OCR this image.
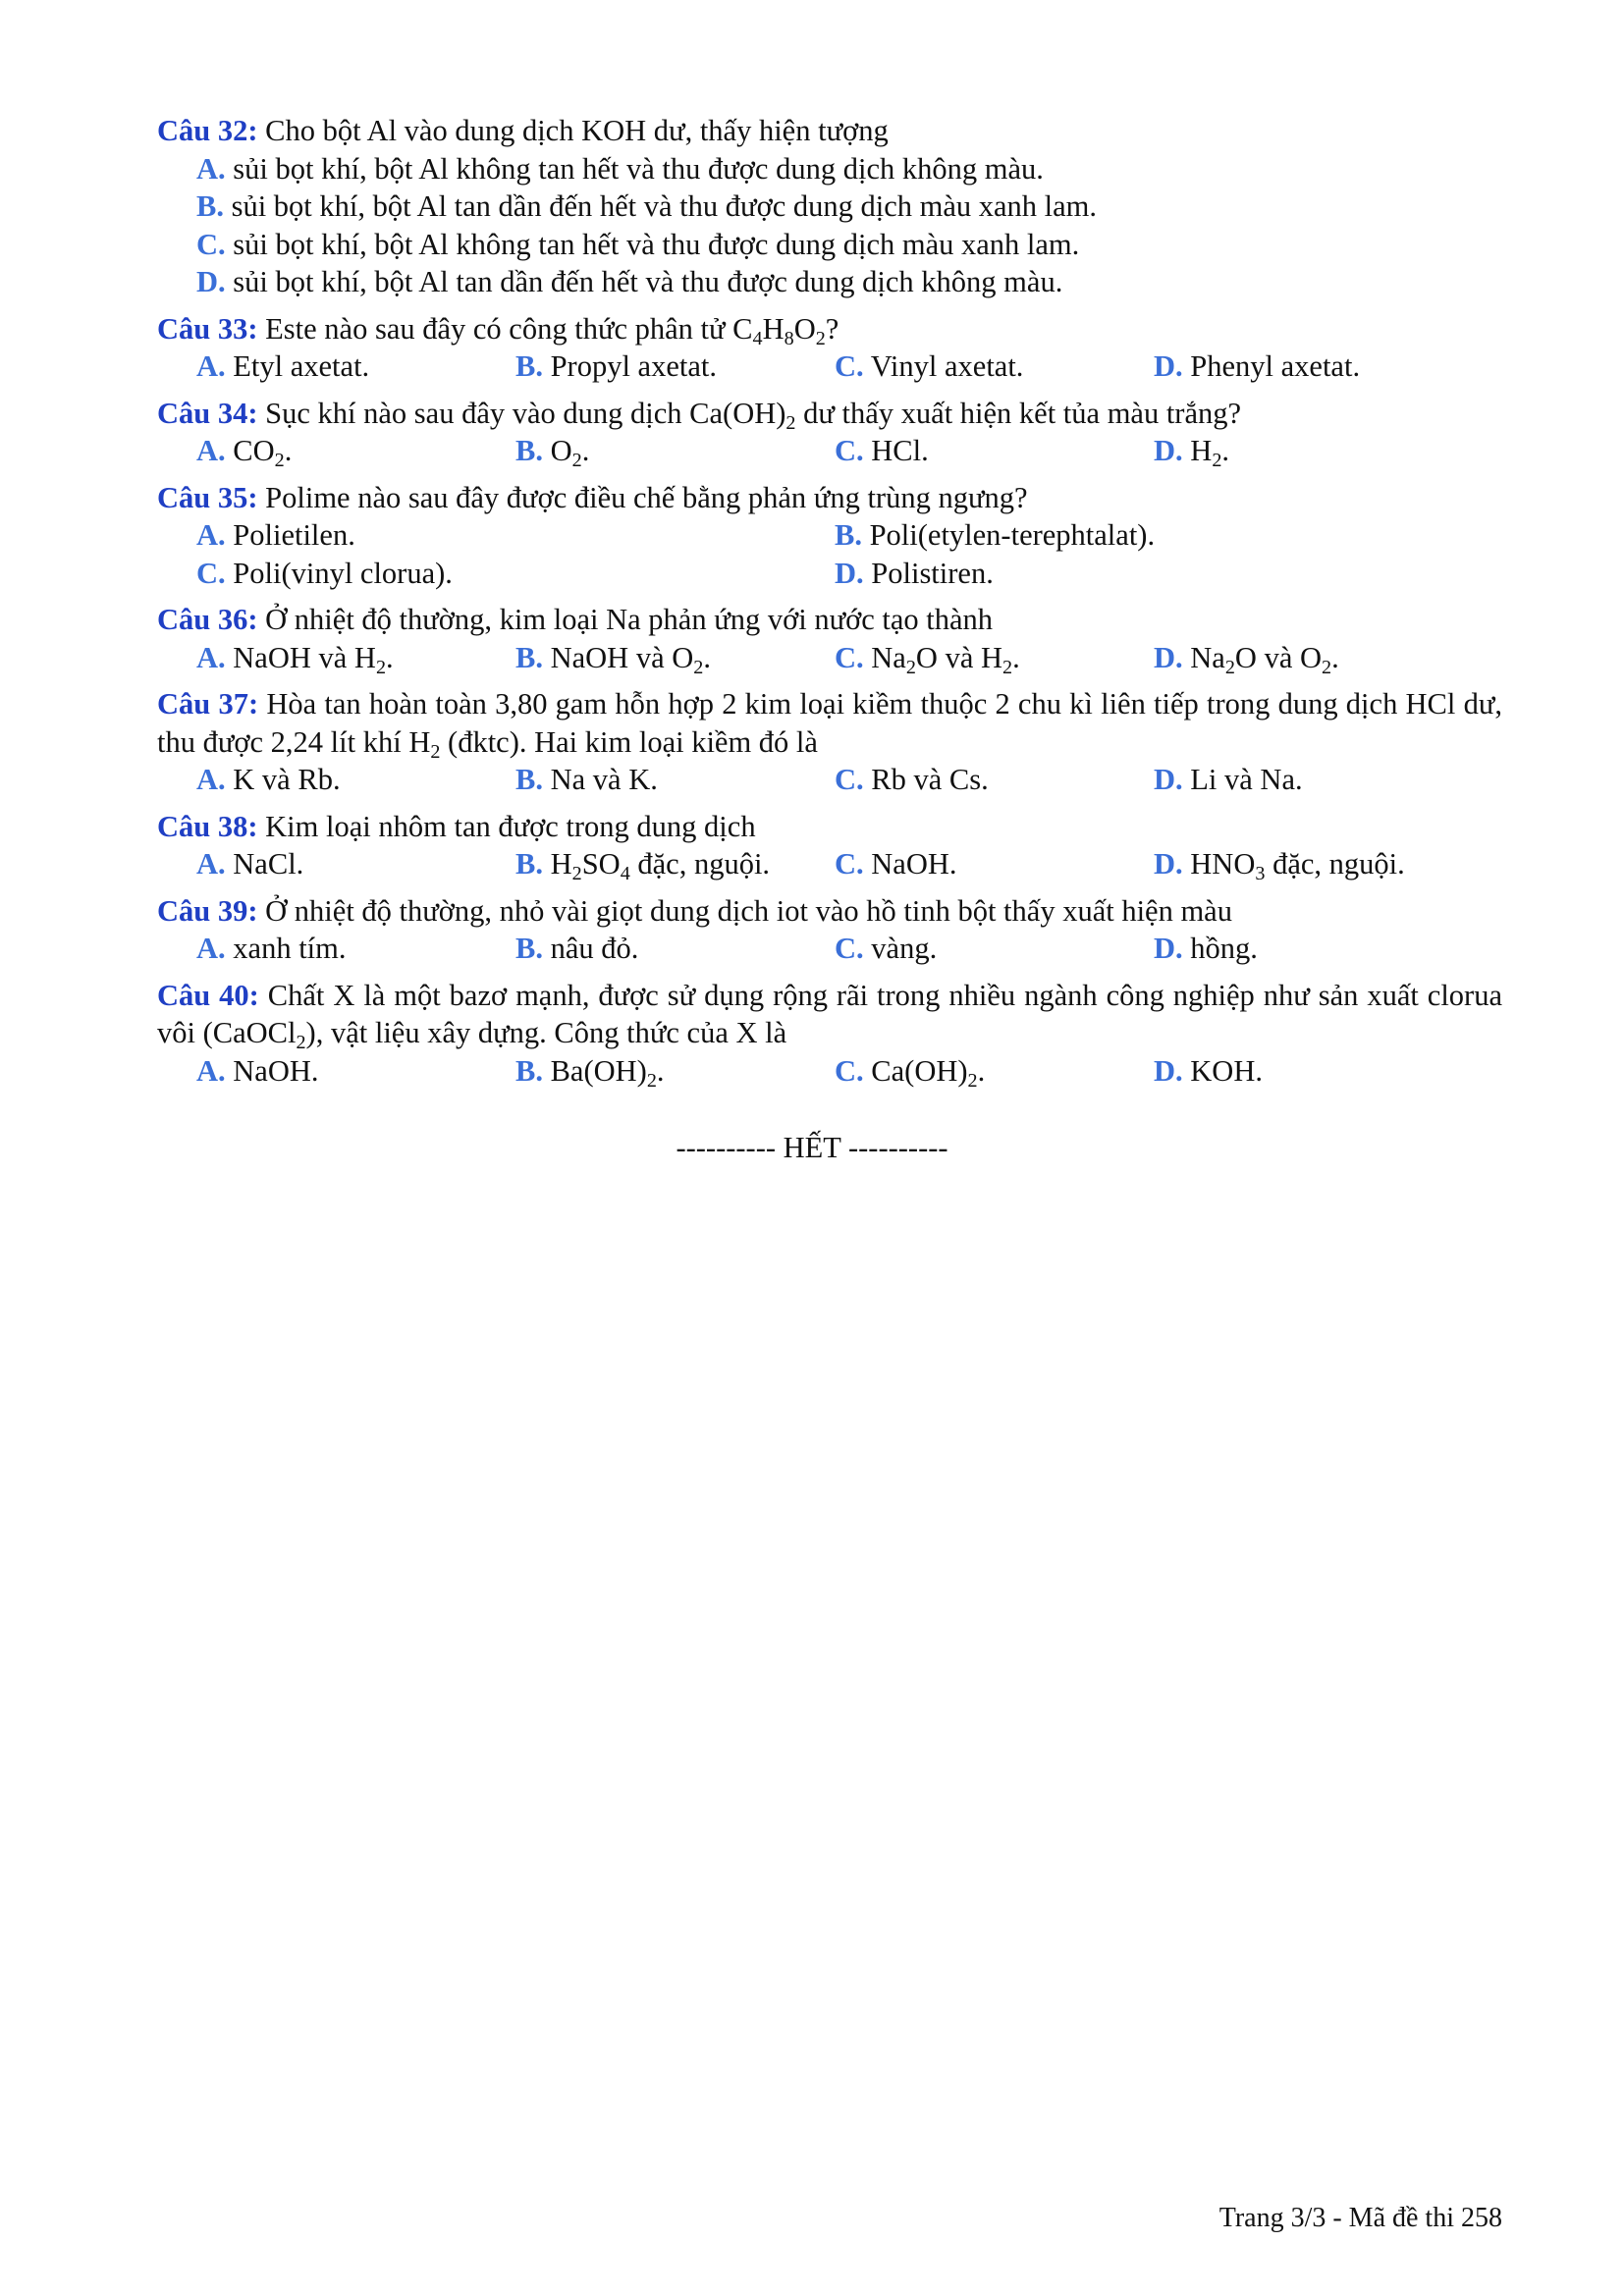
Câu 32: Cho bột Al vào dung dịch KOH dư, thấy hiện tượng
A. sủi bọt khí, bột Al không tan hết và thu được dung dịch không màu.
B. sủi bọt khí, bột Al tan dần đến hết và thu được dung dịch màu xanh lam.
C. sủi bọt khí, bột Al không tan hết và thu được dung dịch màu xanh lam.
D. sủi bọt khí, bột Al tan dần đến hết và thu được dung dịch không màu.
Câu 33: Este nào sau đây có công thức phân tử $C_4H_8O_2$?
A. Etyl axetat.	B. Propyl axetat.	C. Vinyl axetat.	D. Phenyl axetat.
Câu 34: Sục khí nào sau đây vào dung dịch $Ca(OH)_2$ dư thấy xuất hiện kết tủa màu trắng?
A. $CO_2$.	B. $O_2$.	C. HCl.	D. $H_2$.
Câu 35: Polime nào sau đây được điều chế bằng phản ứng trùng ngưng?
A. Polietilen.	B. Poli(etylen-terephtalat).
C. Poli(vinyl clorua).	D. Polistiren.
Câu 36: Ở nhiệt độ thường, kim loại Na phản ứng với nước tạo thành
A. NaOH và $H_2$.	B. NaOH và $O_2$.	C. $Na_2O$ và $H_2$.	D. $Na_2O$ và $O_2$.
Câu 37: Hòa tan hoàn toàn 3,80 gam hỗn hợp 2 kim loại kiềm thuộc 2 chu kì liên tiếp trong dung dịch HCl dư, thu được 2,24 lít khí $H_2$ (đktc). Hai kim loại kiềm đó là
A. K và Rb.	B. Na và K.	C. Rb và Cs.	D. Li và Na.
Câu 38: Kim loại nhôm tan được trong dung dịch
A. NaCl.	B. $H_2SO_4$ đặc, nguội.	C. NaOH.	D. $HNO_3$ đặc, nguội.
Câu 39: Ở nhiệt độ thường, nhỏ vài giọt dung dịch iot vào hồ tinh bột thấy xuất hiện màu
A. xanh tím.	B. nâu đỏ.	C. vàng.	D. hồng.
Câu 40: Chất X là một bazơ mạnh, được sử dụng rộng rãi trong nhiều ngành công nghiệp như sản xuất clorua vôi (CaOCl$_2$), vật liệu xây dựng. Công thức của X là
A. NaOH.	B. $Ba(OH)_2$.	C. $Ca(OH)_2$.	D. KOH.
---------- HẾT ----------
Trang 3/3 - Mã đề thi 258
